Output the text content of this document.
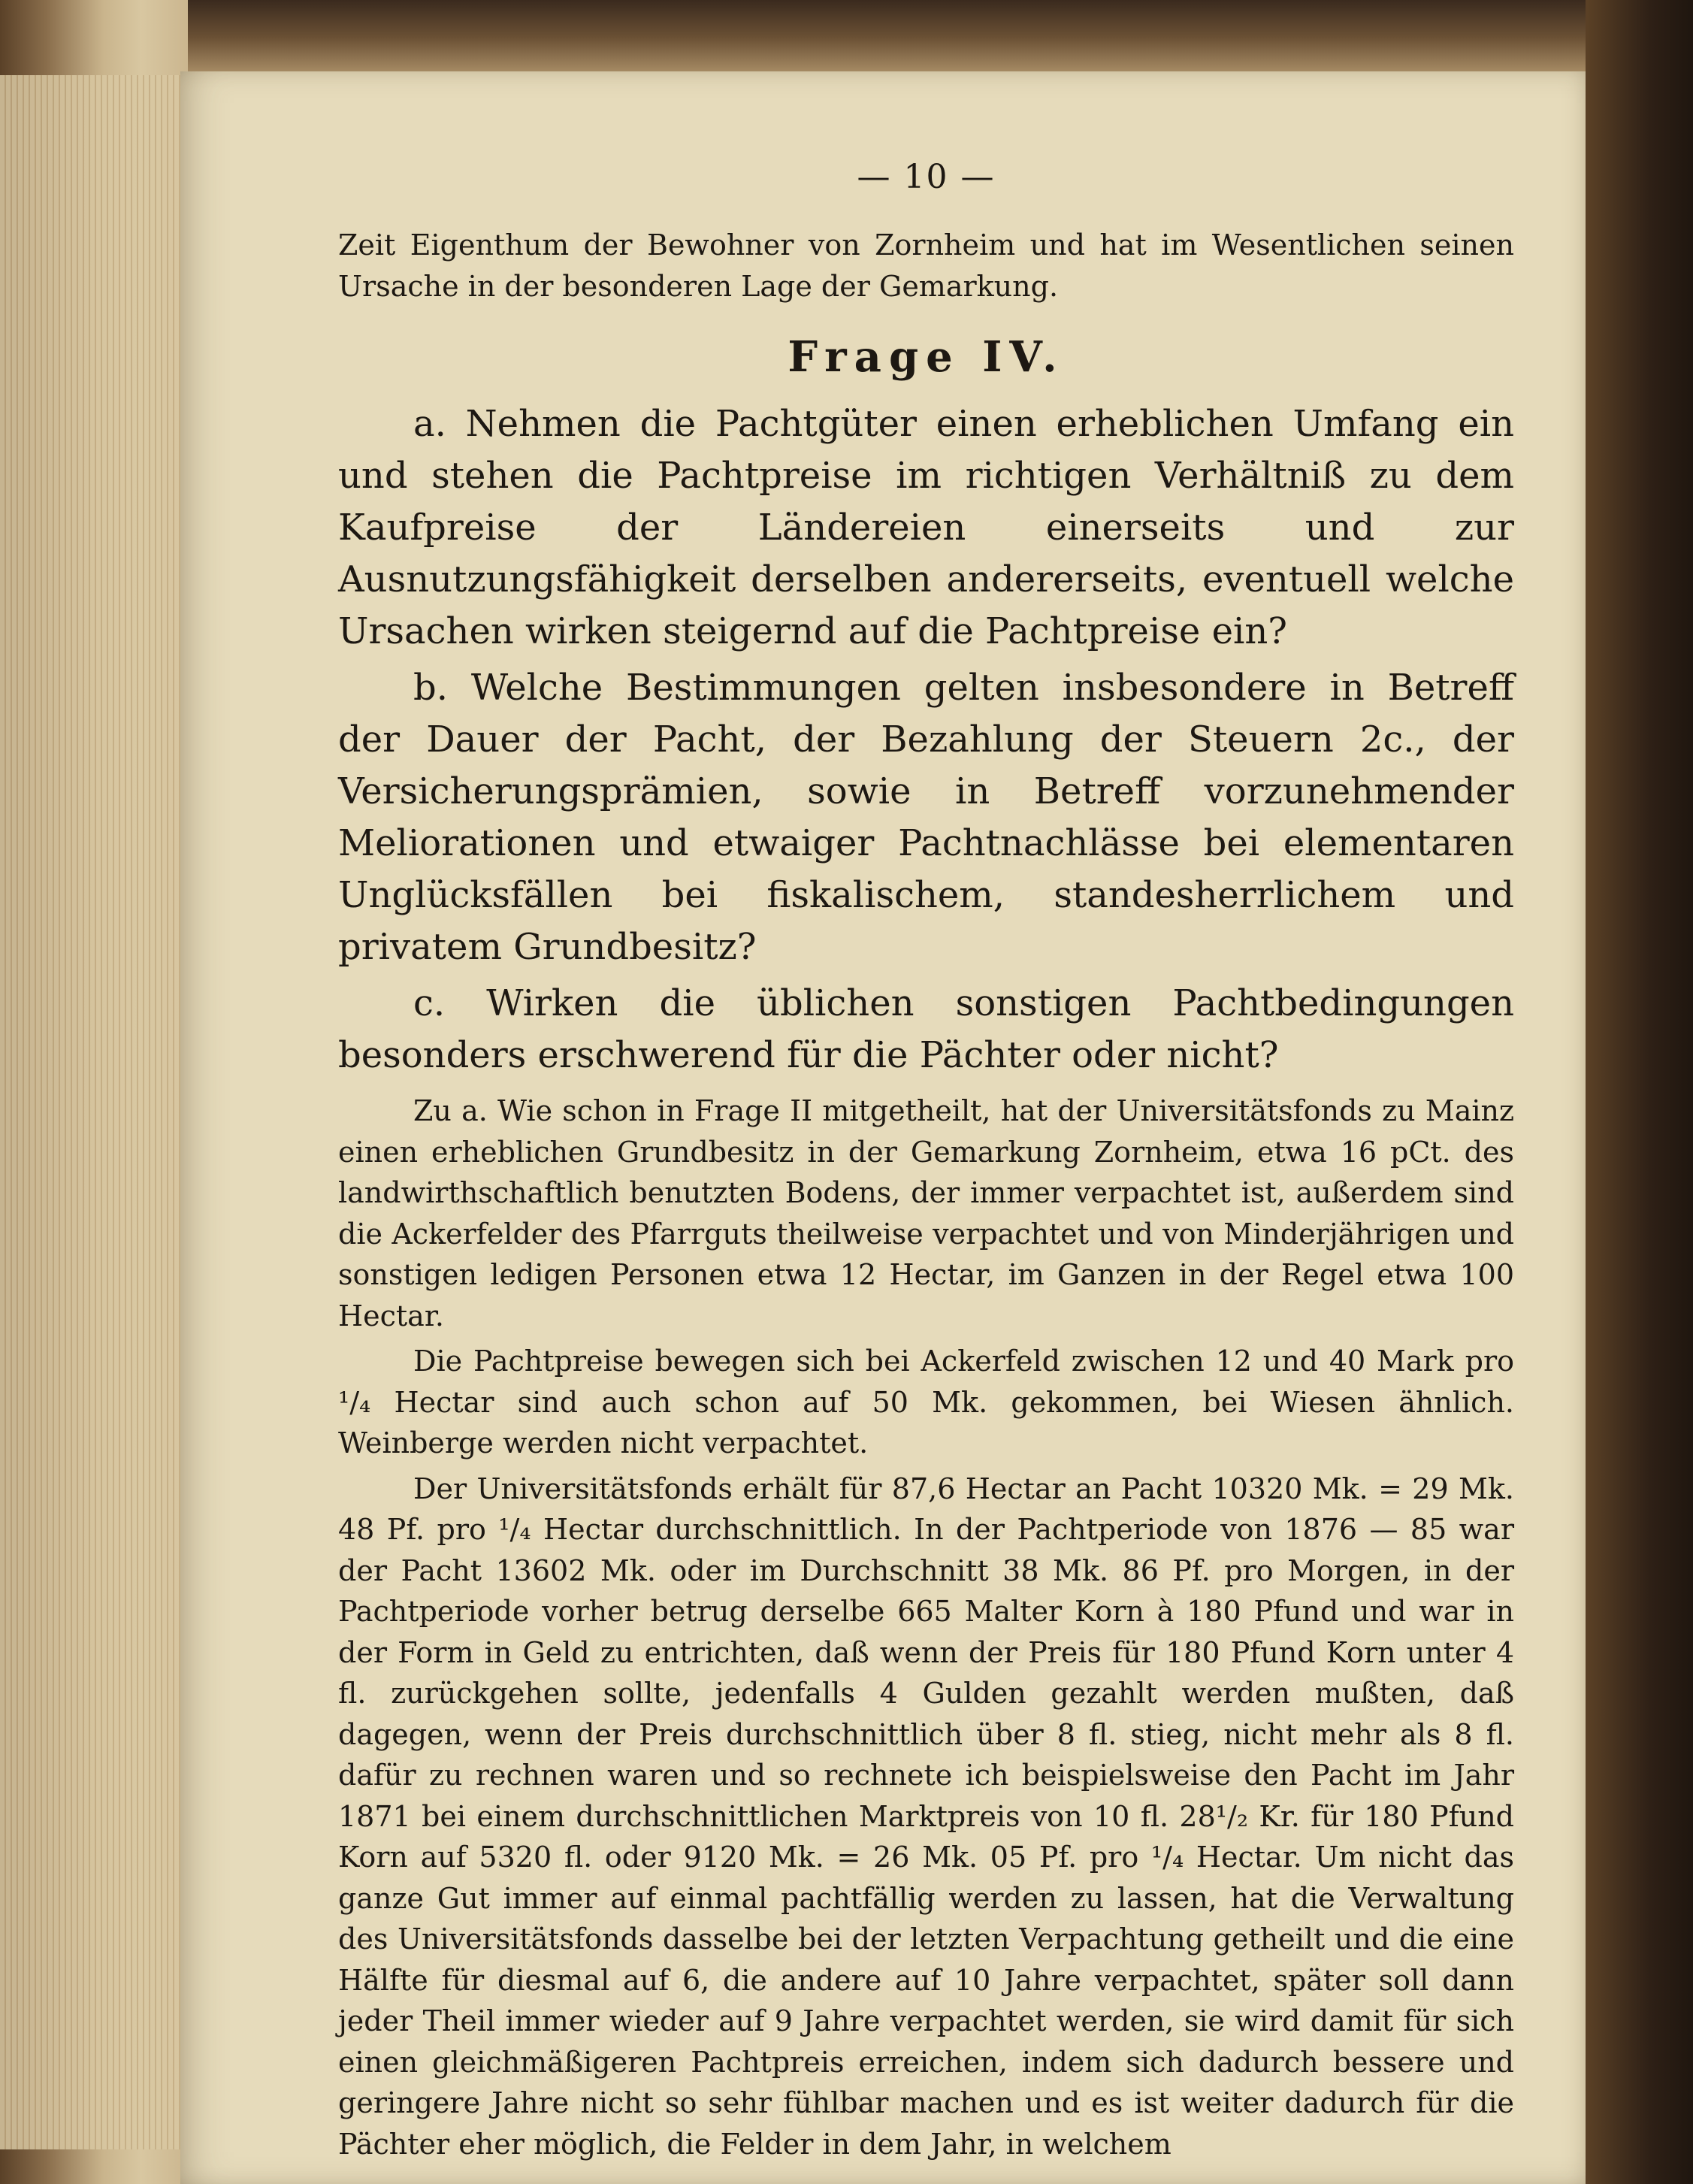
— 10 —

Zeit Eigenthum der Bewohner von Zornheim und hat im Wesentlichen seinen Ursache in der besonderen Lage der Gemarkung.

Frage IV.

a. Nehmen die Pachtgüter einen erheblichen Umfang ein und stehen die Pachtpreise im richtigen Verhältniß zu dem Kaufpreise der Ländereien einerseits und zur Ausnutzungsfähigkeit derselben andererseits, eventuell welche Ursachen wirken steigernd auf die Pachtpreise ein?

b. Welche Bestimmungen gelten insbesondere in Betreff der Dauer der Pacht, der Bezahlung der Steuern 2c., der Versicherungsprämien, sowie in Betreff vorzunehmender Meliorationen und etwaiger Pachtnachlässe bei elementaren Unglücksfällen bei fiskalischem, standesherrlichem und privatem Grundbesitz?

c. Wirken die üblichen sonstigen Pachtbedingungen besonders erschwerend für die Pächter oder nicht?

Zu a. Wie schon in Frage II mitgetheilt, hat der Universitätsfonds zu Mainz einen erheblichen Grundbesitz in der Gemarkung Zornheim, etwa 16 pCt. des landwirthschaftlich benutzten Bodens, der immer verpachtet ist, außerdem sind die Ackerfelder des Pfarrguts theilweise verpachtet und von Minderjährigen und sonstigen ledigen Personen etwa 12 Hectar, im Ganzen in der Regel etwa 100 Hectar.

Die Pachtpreise bewegen sich bei Ackerfeld zwischen 12 und 40 Mark pro ¹/₄ Hectar sind auch schon auf 50 Mk. gekommen, bei Wiesen ähnlich. Weinberge werden nicht verpachtet.

Der Universitätsfonds erhält für 87,6 Hectar an Pacht 10320 Mk. = 29 Mk. 48 Pf. pro ¹/₄ Hectar durchschnittlich. In der Pachtperiode von 1876 — 85 war der Pacht 13602 Mk. oder im Durchschnitt 38 Mk. 86 Pf. pro Morgen, in der Pachtperiode vorher betrug derselbe 665 Malter Korn à 180 Pfund und war in der Form in Geld zu entrichten, daß wenn der Preis für 180 Pfund Korn unter 4 fl. zurückgehen sollte, jedenfalls 4 Gulden gezahlt werden mußten, daß dagegen, wenn der Preis durchschnittlich über 8 fl. stieg, nicht mehr als 8 fl. dafür zu rechnen waren und so rechnete ich beispielsweise den Pacht im Jahr 1871 bei einem durchschnittlichen Marktpreis von 10 fl. 28¹/₂ Kr. für 180 Pfund Korn auf 5320 fl. oder 9120 Mk. = 26 Mk. 05 Pf. pro ¹/₄ Hectar. Um nicht das ganze Gut immer auf einmal pachtfällig werden zu lassen, hat die Verwaltung des Universitätsfonds dasselbe bei der letzten Verpachtung getheilt und die eine Hälfte für diesmal auf 6, die andere auf 10 Jahre verpachtet, später soll dann jeder Theil immer wieder auf 9 Jahre verpachtet werden, sie wird damit für sich einen gleichmäßigeren Pachtpreis erreichen, indem sich dadurch bessere und geringere Jahre nicht so sehr fühlbar machen und es ist weiter dadurch für die Pächter eher möglich, die Felder in dem Jahr, in welchem
